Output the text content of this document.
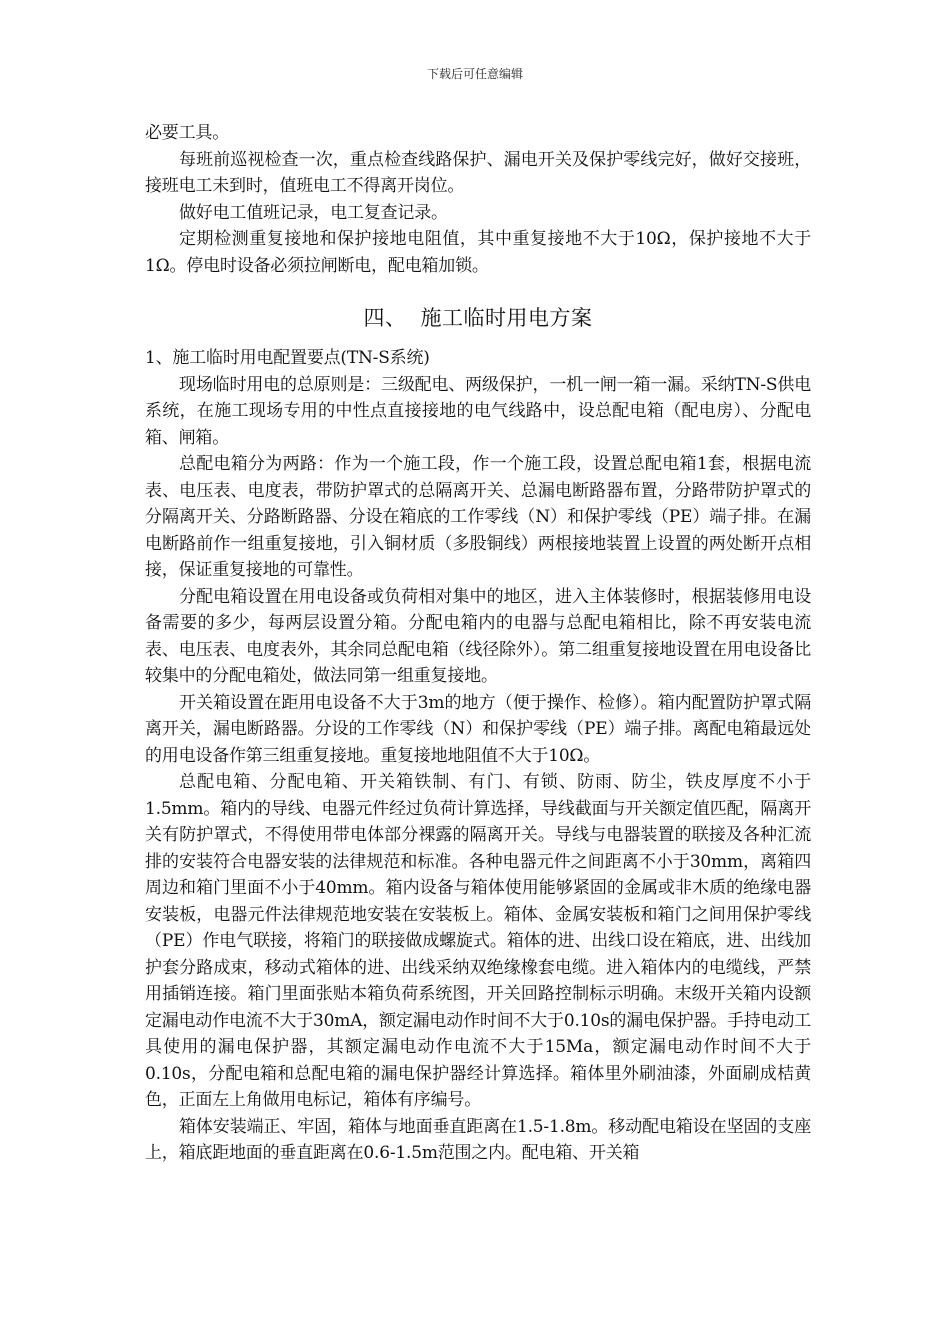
下载后可任意编辑

必要工具。

每班前巡视检查一次，重点检查线路保护、漏电开关及保护零线完好，做好交接班，接班电工未到时，值班电工不得离开岗位。

做好电工值班记录，电工复查记录。

定期检测重复接地和保护接地电阻值，其中重复接地不大于10Ω，保护接地不大于1Ω。停电时设备必须拉闸断电，配电箱加锁。

四、 施工临时用电方案

1、施工临时用电配置要点(TN-S系统)

现场临时用电的总原则是：三级配电、两级保护，一机一闸一箱一漏。采纳TN-S供电系统，在施工现场专用的中性点直接接地的电气线路中，设总配电箱（配电房）、分配电箱、闸箱。

总配电箱分为两路：作为一个施工段，作一个施工段，设置总配电箱1套，根据电流表、电压表、电度表，带防护罩式的总隔离开关、总漏电断路器布置，分路带防护罩式的分隔离开关、分路断路器、分设在箱底的工作零线（N）和保护零线（PE）端子排。在漏电断路前作一组重复接地，引入铜材质（多股铜线）两根接地装置上设置的两处断开点相接，保证重复接地的可靠性。

分配电箱设置在用电设备或负荷相对集中的地区，进入主体装修时，根据装修用电设备需要的多少，每两层设置分箱。分配电箱内的电器与总配电箱相比，除不再安装电流表、电压表、电度表外，其余同总配电箱（线径除外）。第二组重复接地设置在用电设备比较集中的分配电箱处，做法同第一组重复接地。

开关箱设置在距用电设备不大于3m的地方（便于操作、检修）。箱内配置防护罩式隔离开关，漏电断路器。分设的工作零线（N）和保护零线（PE）端子排。离配电箱最远处的用电设备作第三组重复接地。重复接地地阻值不大于10Ω。

总配电箱、分配电箱、开关箱铁制、有门、有锁、防雨、防尘，铁皮厚度不小于1.5mm。箱内的导线、电器元件经过负荷计算选择，导线截面与开关额定值匹配，隔离开关有防护罩式，不得使用带电体部分裸露的隔离开关。导线与电器装置的联接及各种汇流排的安装符合电器安装的法律规范和标准。各种电器元件之间距离不小于30mm，离箱四周边和箱门里面不小于40mm。箱内设备与箱体使用能够紧固的金属或非木质的绝缘电器安装板，电器元件法律规范地安装在安装板上。箱体、金属安装板和箱门之间用保护零线（PE）作电气联接，将箱门的联接做成螺旋式。箱体的进、出线口设在箱底，进、出线加护套分路成束，移动式箱体的进、出线采纳双绝缘橡套电缆。进入箱体内的电缆线，严禁用插销连接。箱门里面张贴本箱负荷系统图，开关回路控制标示明确。末级开关箱内设额定漏电动作电流不大于30mA，额定漏电动作时间不大于0.10s的漏电保护器。手持电动工具使用的漏电保护器，其额定漏电动作电流不大于15Ma，额定漏电动作时间不大于0.10s，分配电箱和总配电箱的漏电保护器经计算选择。箱体里外刷油漆，外面刷成桔黄色，正面左上角做用电标记，箱体有序编号。

箱体安装端正、牢固，箱体与地面垂直距离在1.5-1.8m。移动配电箱设在坚固的支座上，箱底距地面的垂直距离在0.6-1.5m范围之内。配电箱、开关箱
